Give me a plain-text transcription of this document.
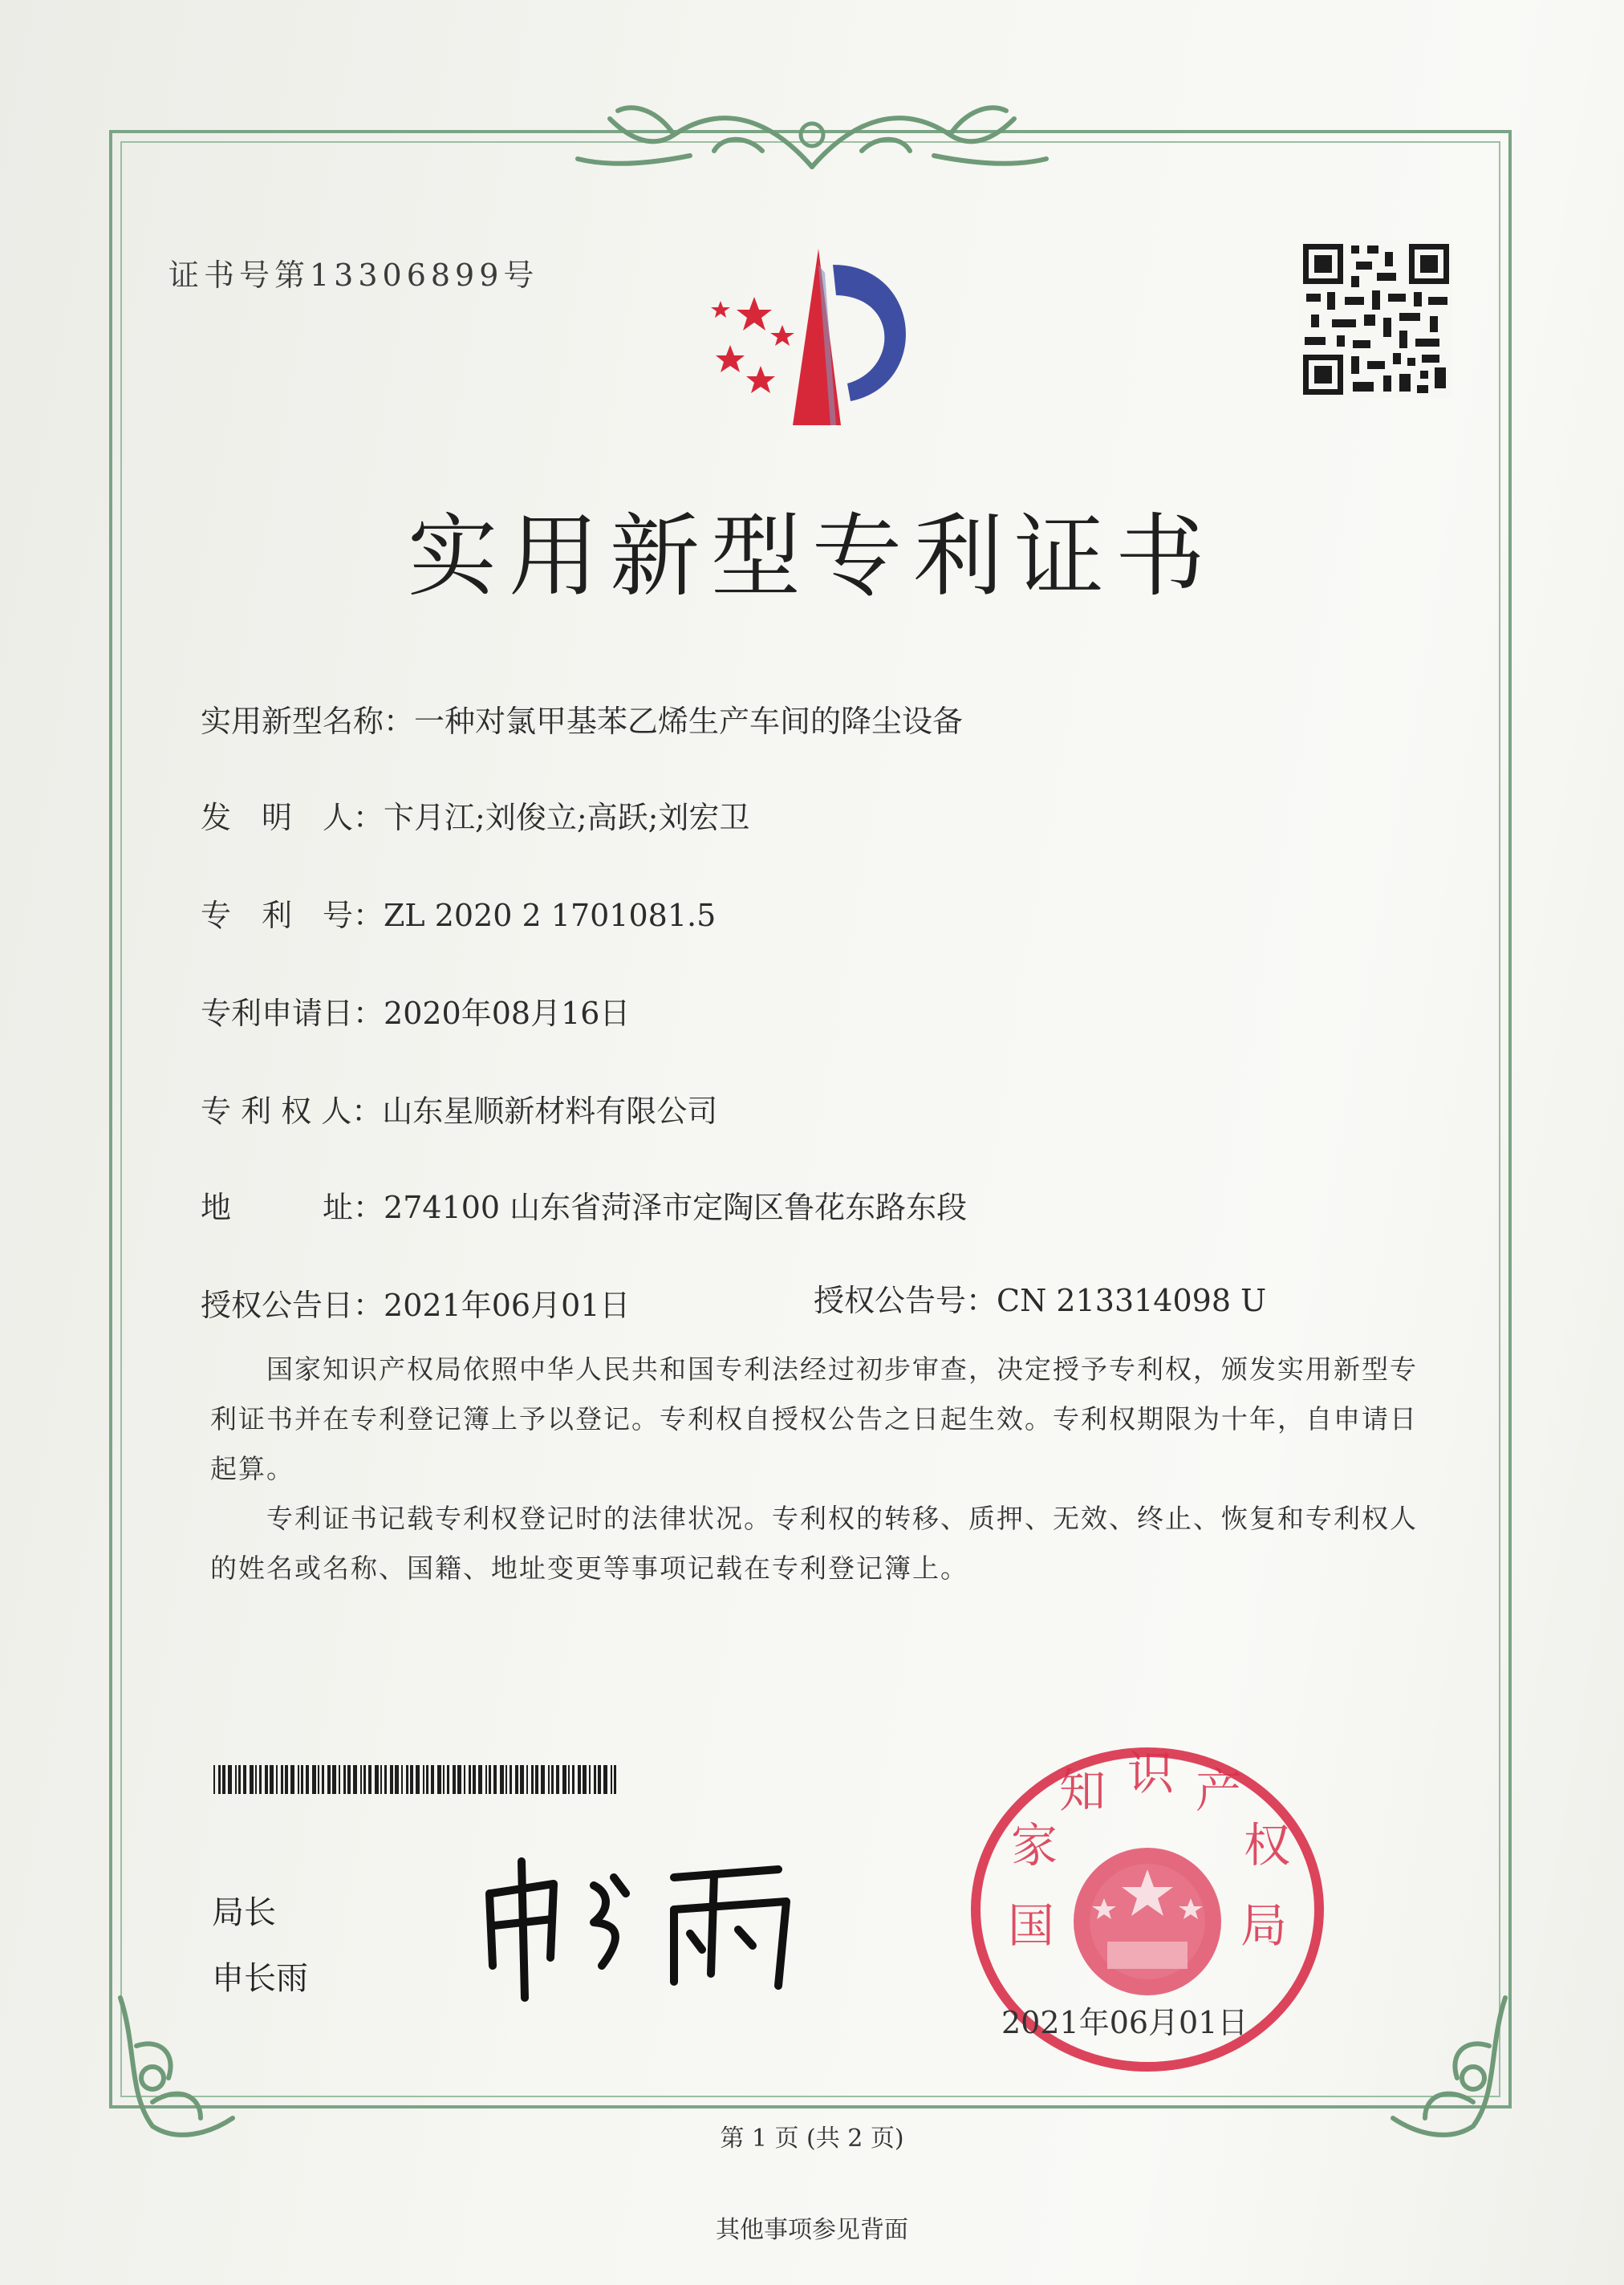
证书号第13306899号
实用新型专利证书
实用新型名称：一种对氯甲基苯乙烯生产车间的降尘设备
发　明　人：卞月江;刘俊立;高跃;刘宏卫
专　利　号：ZL 2020 2 1701081.5
专利申请日：2020年08月16日
专 利 权 人：山东星顺新材料有限公司
地　　　址：274100 山东省菏泽市定陶区鲁花东路东段
授权公告日：2021年06月01日	授权公告号：CN 213314098 U
国家知识产权局依照中华人民共和国专利法经过初步审查，决定授予专利权，颁发实用新型专利证书并在专利登记簿上予以登记。专利权自授权公告之日起生效。专利权期限为十年，自申请日起算。
专利证书记载专利权登记时的法律状况。专利权的转移、质押、无效、终止、恢复和专利权人的姓名或名称、国籍、地址变更等事项记载在专利登记簿上。
局长
申长雨
国
家
知 识 产
权
局
2021年06月01日
第 1 页 (共 2 页)
其他事项参见背面
